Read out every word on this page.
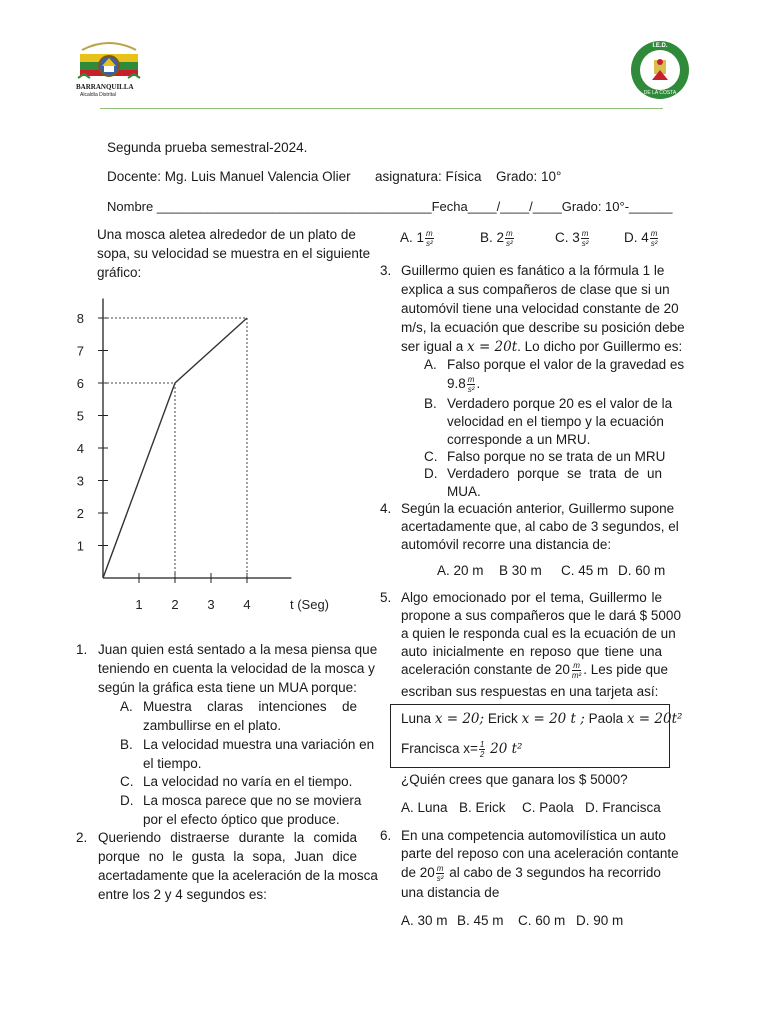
BARRANQUILLA
Alcaldía Distrital
I.E.D.
DE LA COSTA
Segunda prueba semestral-2024.
Docente: Mg. Luis Manuel Valencia Olier asignatura: Física Grado: 10°
Nombre ______________________________________Fecha____/____/____Grado: 10°-______
Una mosca aletea alrededor de un plato de
sopa, su velocidad se muestra en el siguiente
gráfico:
1
2
3
4
5
6
7
8
1 2 3 4	t (Seg)
1. Juan quien está sentado a la mesa piensa que
teniendo en cuenta la velocidad de la mosca y
según la gráfica esta tiene un MUA porque:
A. Muestra claras intenciones de
zambullirse en el plato.
B. La velocidad muestra una variación en
el tiempo.
C. La velocidad no varía en el tiempo.
D. La mosca parece que no se moviera
por el efecto óptico que produce.
2. Queriendo distraerse durante la comida
porque no le gusta la sopa, Juan dice
acertadamente que la aceleración de la mosca
entre los 2 y 4 segundos es:
A. $1 \frac{m}{\text{s²}}$	B. $2 \frac{m}{\text{s²}}$	C. $3 \frac{m}{\text{s²}}$	D. $4 \frac{m}{\text{s²}}$
3. Guillermo quien es fanático a la fórmula 1 le
explica a sus compañeros de clase que si un
automóvil tiene una velocidad constante de 20
m/s, la ecuación que describe su posición debe
ser igual a x = 20t. Lo dicho por Guillermo es:
A. Falso porque el valor de la gravedad es
$9.8 \frac{m}{\text{s²}}$ .
B. Verdadero porque 20 es el valor de la
velocidad en el tiempo y la ecuación
corresponde a un MRU.
C. Falso porque no se trata de un MRU
D. Verdadero porque se trata de un
MUA.
4. Según la ecuación anterior, Guillermo supone
acertadamente que, al cabo de 3 segundos, el
automóvil recorre una distancia de:
A. 20 m B 30 m C. 45 m D. 60 m
5. Algo emocionado por el tema, Guillermo le
propone a sus compañeros que le dará $ 5000
a quien le responda cual es la ecuación de un
auto inicialmente en reposo que tiene una
aceleración constante de $20 \frac{m}{\text{m²}}$ . Les pide que
escriban sus respuestas en una tarjeta así:
Luna x = 20; Erick x = 20 t ; Paola x = 20t²
Francisca $x= \frac{1}{2} 20$ t²
¿Quién crees que ganara los $ 5000?
A. Luna B. Erick C. Paola D. Francisca
6. En una competencia automovilística un auto
parte del reposo con una aceleración contante
de $20 \frac{m}{\text{s²}}$ al cabo de 3 segundos ha recorrido
una distancia de
A. 30 m B. 45 m C. 60 m D. 90 m
